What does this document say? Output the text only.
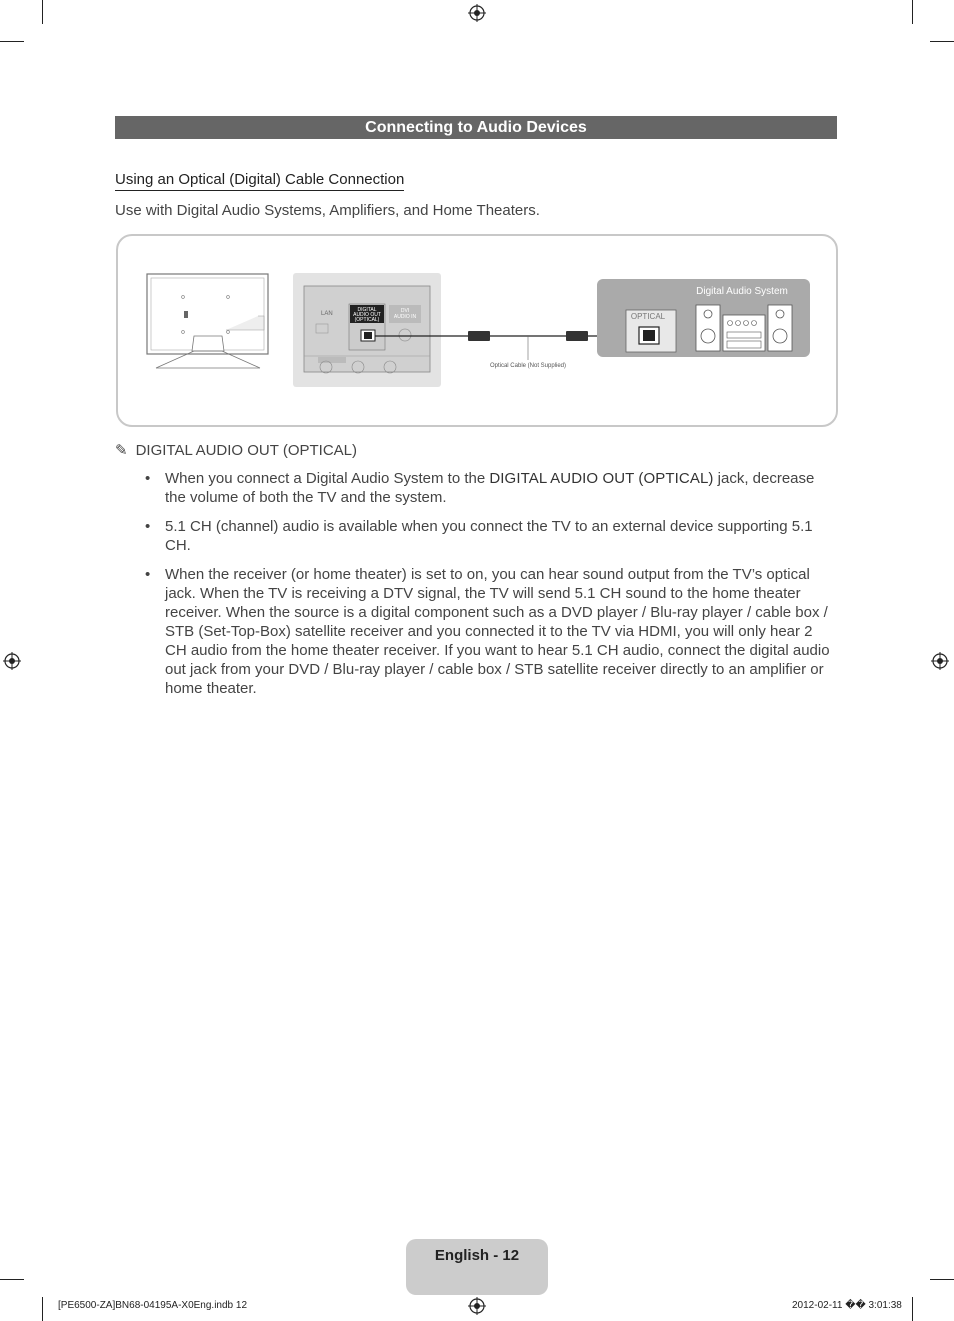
Connecting to Audio Devices
Using an Optical (Digital) Cable Connection
Use with Digital Audio Systems, Amplifiers, and Home Theaters.
LAN
DIGITAL
AUDIO OUT
(OPTICAL)
DVI
AUDIO IN
Optical Cable (Not Supplied)
Digital Audio System
OPTICAL
✎ DIGITAL AUDIO OUT (OPTICAL)
• When you connect a Digital Audio System to the DIGITAL AUDIO OUT (OPTICAL) jack, decrease the volume of both the TV and the system.
• 5.1 CH (channel) audio is available when you connect the TV to an external device supporting 5.1 CH.
• When the receiver (or home theater) is set to on, you can hear sound output from the TV’s optical jack. When the TV is receiving a DTV signal, the TV will send 5.1 CH sound to the home theater receiver. When the source is a digital component such as a DVD player / Blu-ray player / cable box / STB (Set-Top-Box) satellite receiver and you connected it to the TV via HDMI, you will only hear 2 CH audio from the home theater receiver. If you want to hear 5.1 CH audio, connect the digital audio out jack from your DVD / Blu-ray player / cable box / STB satellite receiver directly to an amplifier or home theater.
English - 12
[PE6500-ZA]BN68-04195A-X0Eng.indb 12	2012-02-11 �� 3:01:38
